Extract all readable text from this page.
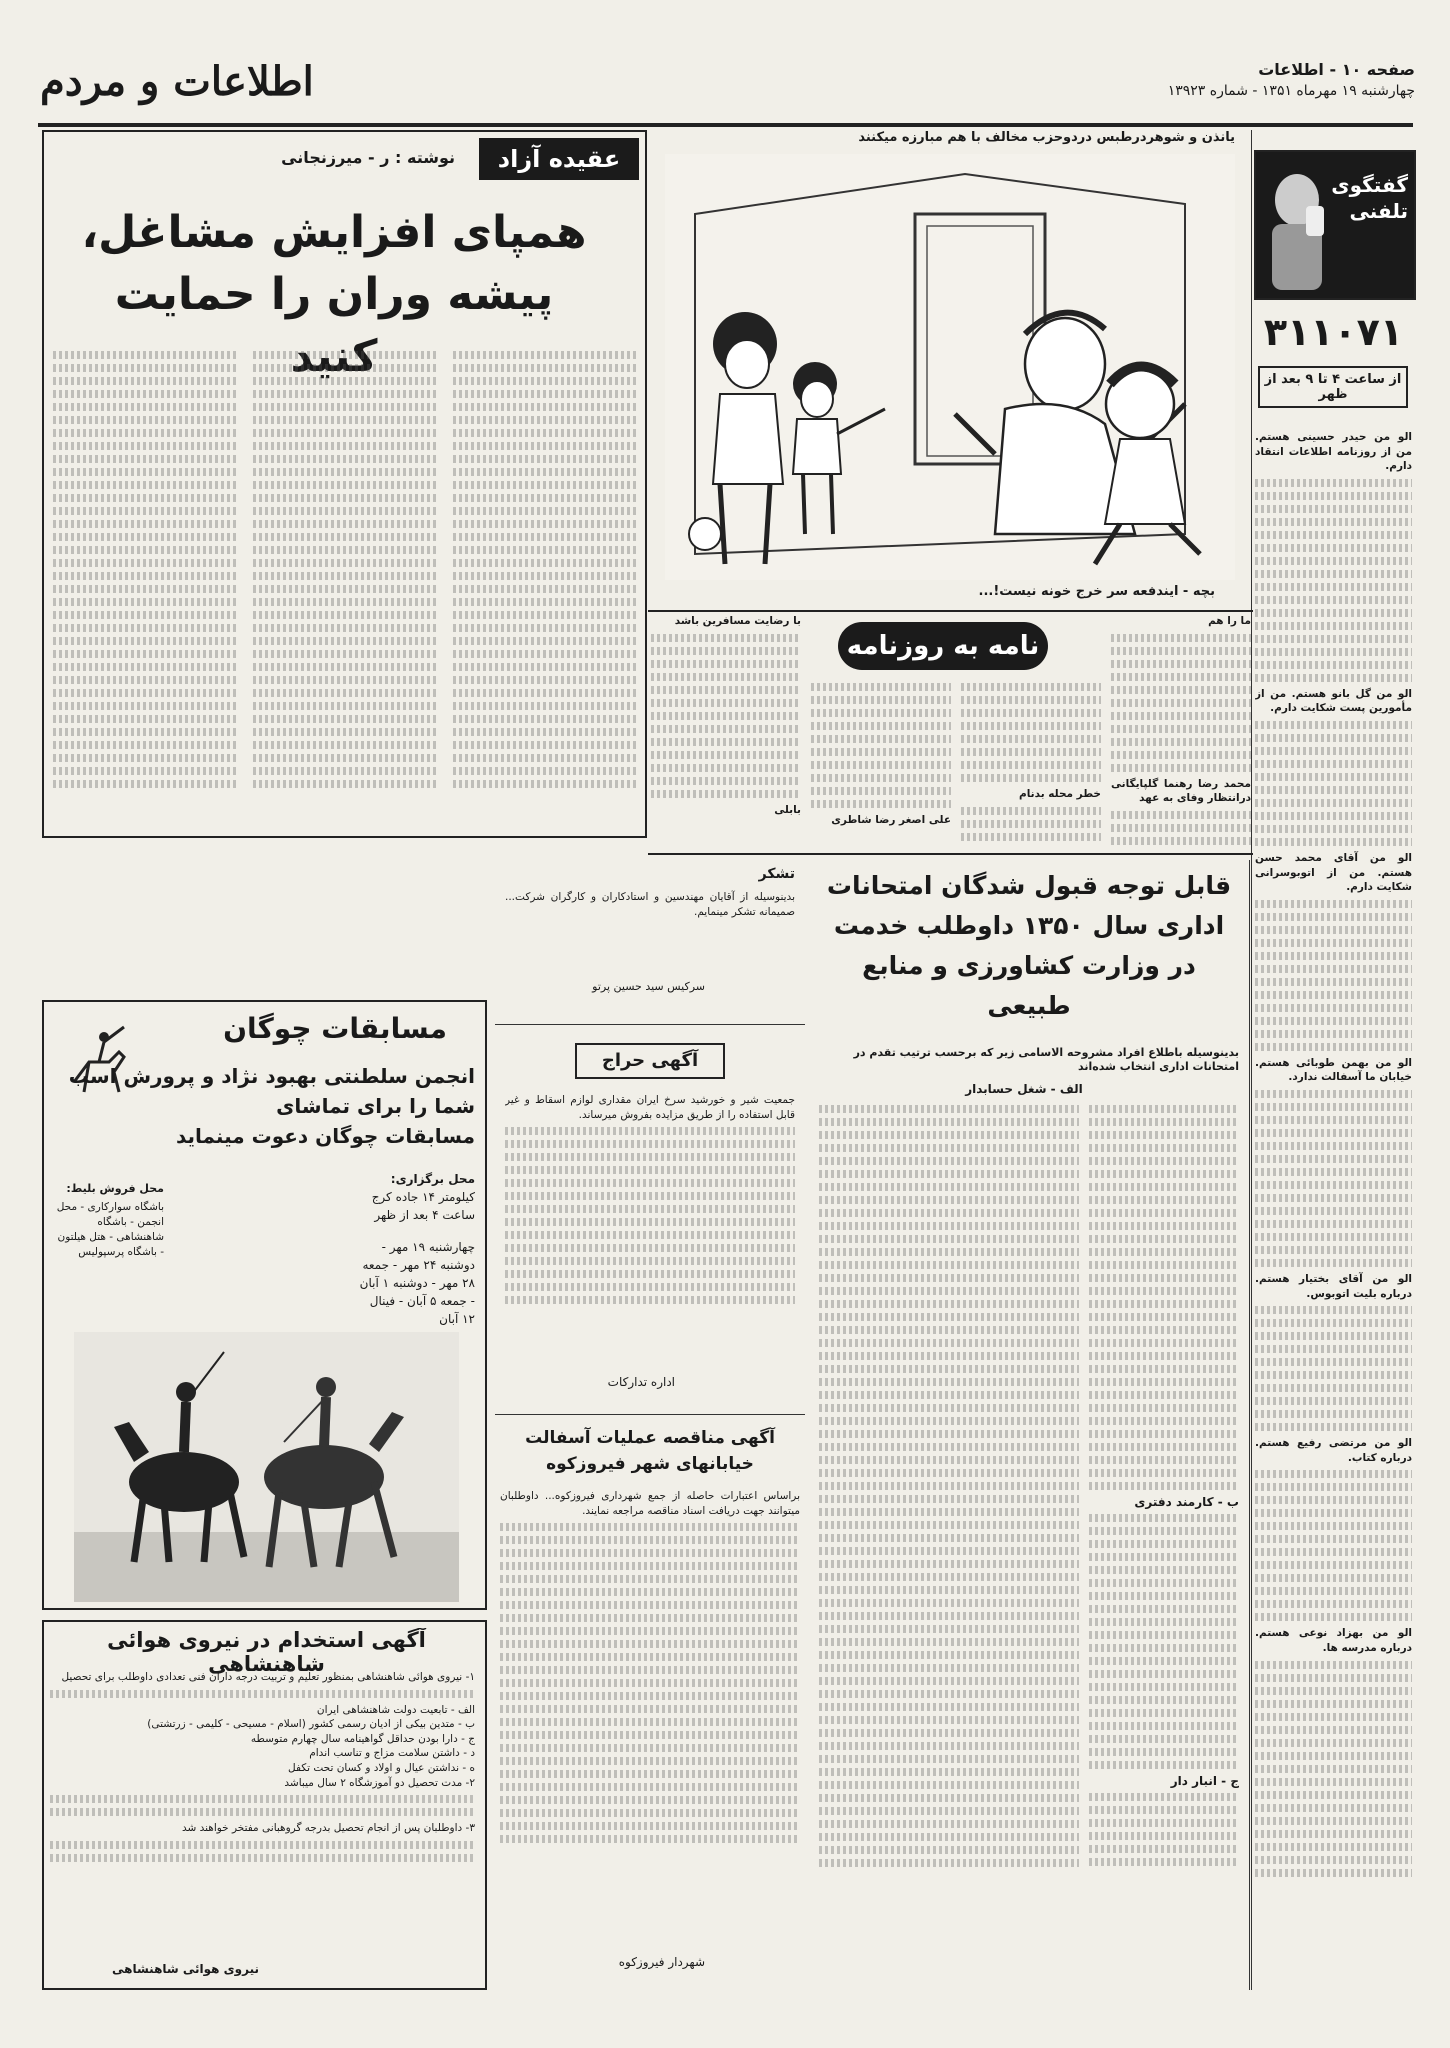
صفحه ۱۰ - اطلاعات
چهارشنبه ۱۹ مهرماه ۱۳۵۱ - شماره ۱۳۹۲۳
اطلاعات و مردم
گفتگوی تلفنی
۳۱۱۰۷۱
از ساعت ۴ تا ۹ بعد از ظهر
الو من حیدر حسینی هستم. من از روزنامه اطلاعات انتقاد دارم.
الو من گل بانو هستم. من از مأمورین پست شکایت دارم.
الو من آقای محمد حسن هستم. من از اتوبوسرانی شکایت دارم.
الو من بهمن طوبائی هستم. خیابان ما آسفالت ندارد.
الو من آقای بختیار هستم. درباره بلیت اتوبوس.
الو من مرتضی رفیع هستم. درباره کتاب.
الو من بهزاد نوعی هستم. درباره مدرسه ها.
یانذن و شوهردرطبس دردوحزب مخالف با هم مبارزه میکنند
بچه - ایندفعه سر خرج خونه نیست!...
عقیده آزاد
نوشته : ر - میرزنجانی
همپای افزایش مشاغل، پیشه وران را حمایت کنید
نامه به روزنامه
ما را هم
محمد رضا رهنما گلپایگانی درانتظار وفای به عهد
خطر محله بدنام
علی اصغر رضا شاطری
با رضایت مسافرین باشد
بابلی
قابل توجه قبول شدگان امتحانات اداری سال ۱۳۵۰ داوطلب خدمت در وزارت کشاورزی و منابع طبیعی
بدینوسیله باطلاع افراد مشروحه الاسامی زیر که برحسب ترتیب تقدم در امتحانات اداری انتخاب شده‌اند
الف - شغل حسابدار
ب - کارمند دفتری
ج - انبار دار
تشکر
بدینوسیله از آقایان مهندسین و استادکاران و کارگران شرکت... صمیمانه تشکر مینمایم.
سرکیس سید حسین پرتو
آگهی حراج
جمعیت شیر و خورشید سرخ ایران مقداری لوازم اسقاط و غیر قابل استفاده را از طریق مزایده بفروش میرساند.
اداره تدارکات
آگهی مناقصه عملیات آسفالت خیابانهای شهر فیروزکوه
براساس اعتبارات حاصله از جمع شهرداری فیروزکوه... داوطلبان میتوانند جهت دریافت اسناد مناقصه مراجعه نمایند.
شهردار فیروزکوه
مسابقات چوگان
انجمن سلطنتی بهبود نژاد و پرورش اسب
شما را برای تماشای
مسابقات چوگان دعوت مینماید
محل برگزاری:
کیلومتر ۱۴ جاده کرج
ساعت ۴ بعد از ظهر
چهارشنبه ۱۹ مهر - دوشنبه ۲۴ مهر - جمعه ۲۸ مهر - دوشنبه ۱ آبان - جمعه ۵ آبان - فینال ۱۲ آبان
محل فروش بلیط:
باشگاه سوارکاری - محل انجمن - باشگاه شاهنشاهی - هتل هیلتون - باشگاه پرسپولیس
آگهی استخدام در نیروی هوائی شاهنشاهی
۱- نیروی هوائی شاهنشاهی بمنظور تعلیم و تربیت درجه داران فنی تعدادی داوطلب برای تحصیل
الف - تابعیت دولت شاهنشاهی ایران
ب - متدین بیکی از ادیان رسمی کشور (اسلام - مسیحی - کلیمی - زرتشتی)
ج - دارا بودن حداقل گواهینامه سال چهارم متوسطه
د - داشتن سلامت مزاج و تناسب اندام
ه - نداشتن عیال و اولاد و کسان تحت تکفل
۲- مدت تحصیل دو آموزشگاه ۲ سال میباشد
۳- داوطلبان پس از انجام تحصیل بدرجه گروهبانی مفتخر خواهند شد
نیروی هوائی شاهنشاهی
